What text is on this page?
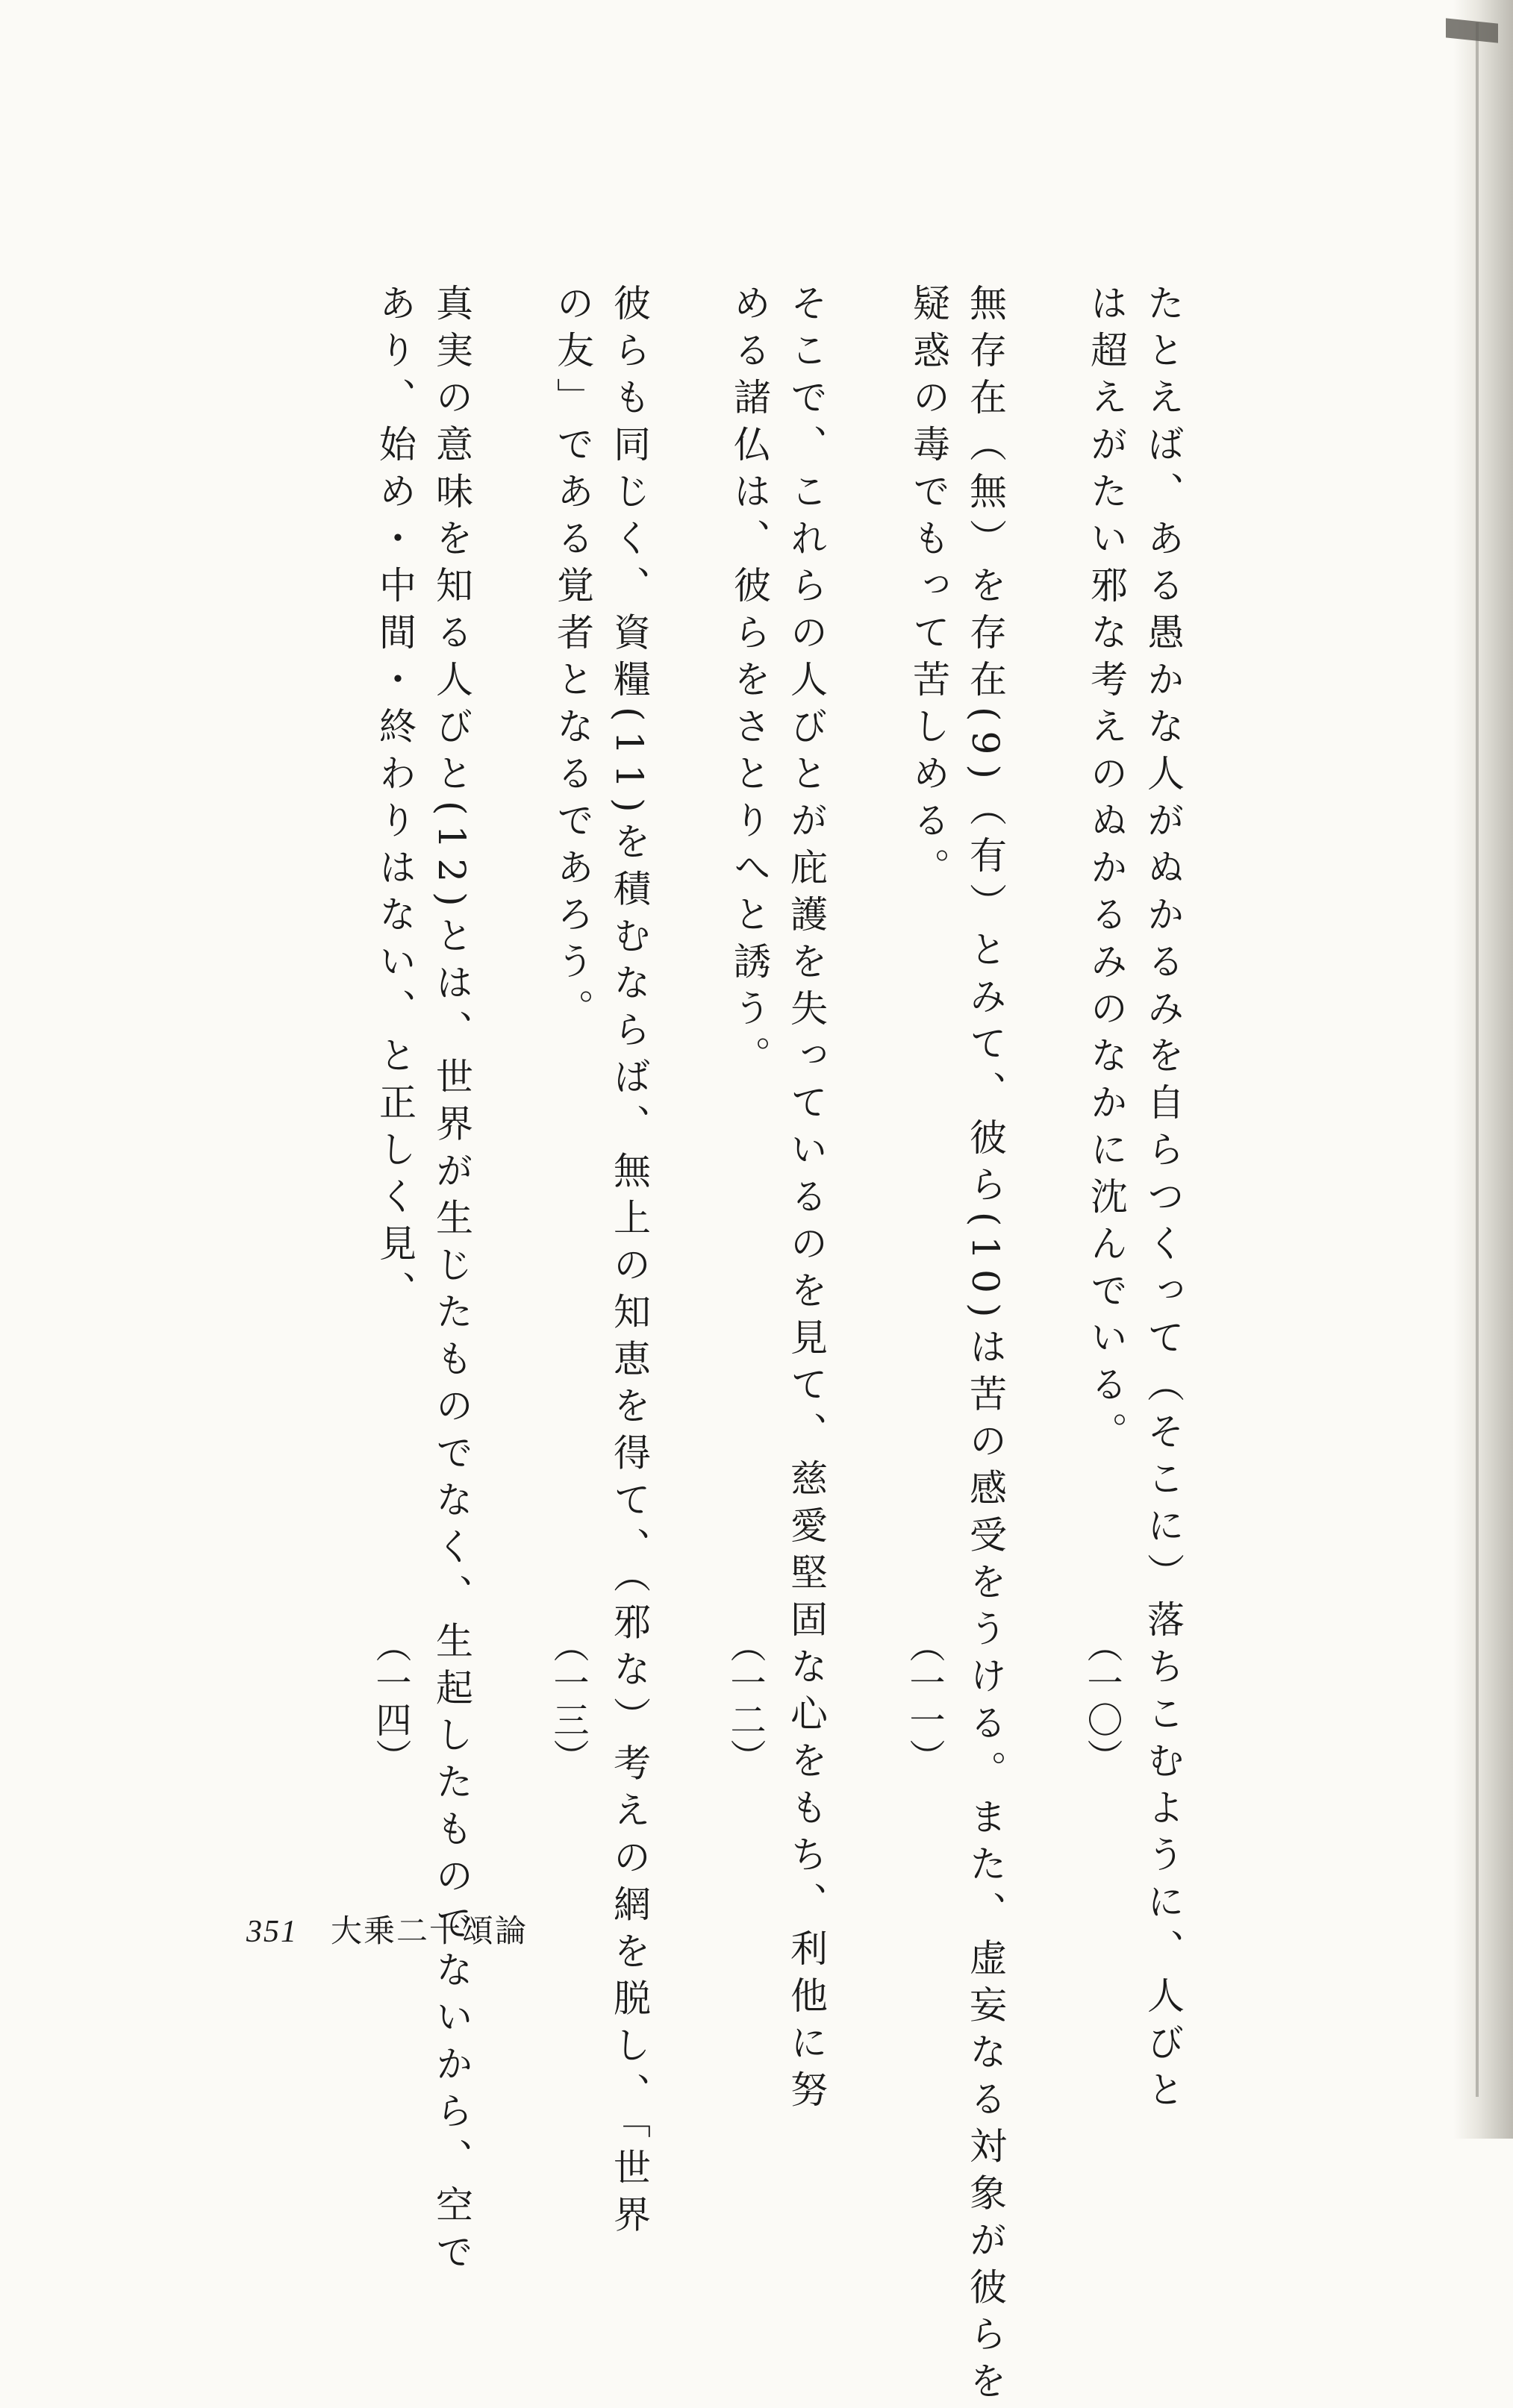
たとえば、ある愚かな人がぬかるみを自らつくって（そこに）落ちこむように、人びと
は超えがたい邪な考えのぬかるみのなかに沈んでいる。
（一〇）
無存在（無）を存在(9)（有）とみて、彼ら(10)は苦の感受をうける。また、虚妄なる対象が彼らを
疑惑の毒でもって苦しめる。
（一一）
そこで、これらの人びとが庇護を失っているのを見て、慈愛堅固な心をもち、利他に努
める諸仏は、彼らをさとりへと誘う。
（一二）
彼らも同じく、資糧(11)を積むならば、無上の知恵を得て、（邪な）考えの網を脱し、「世界
の友」である覚者となるであろう。
（一三）
真実の意味を知る人びと(12)とは、世界が生じたものでなく、生起したものでないから、空で
あり、始め・中間・終わりはない、と正しく見、
（一四）
351 大乗二十頌論
